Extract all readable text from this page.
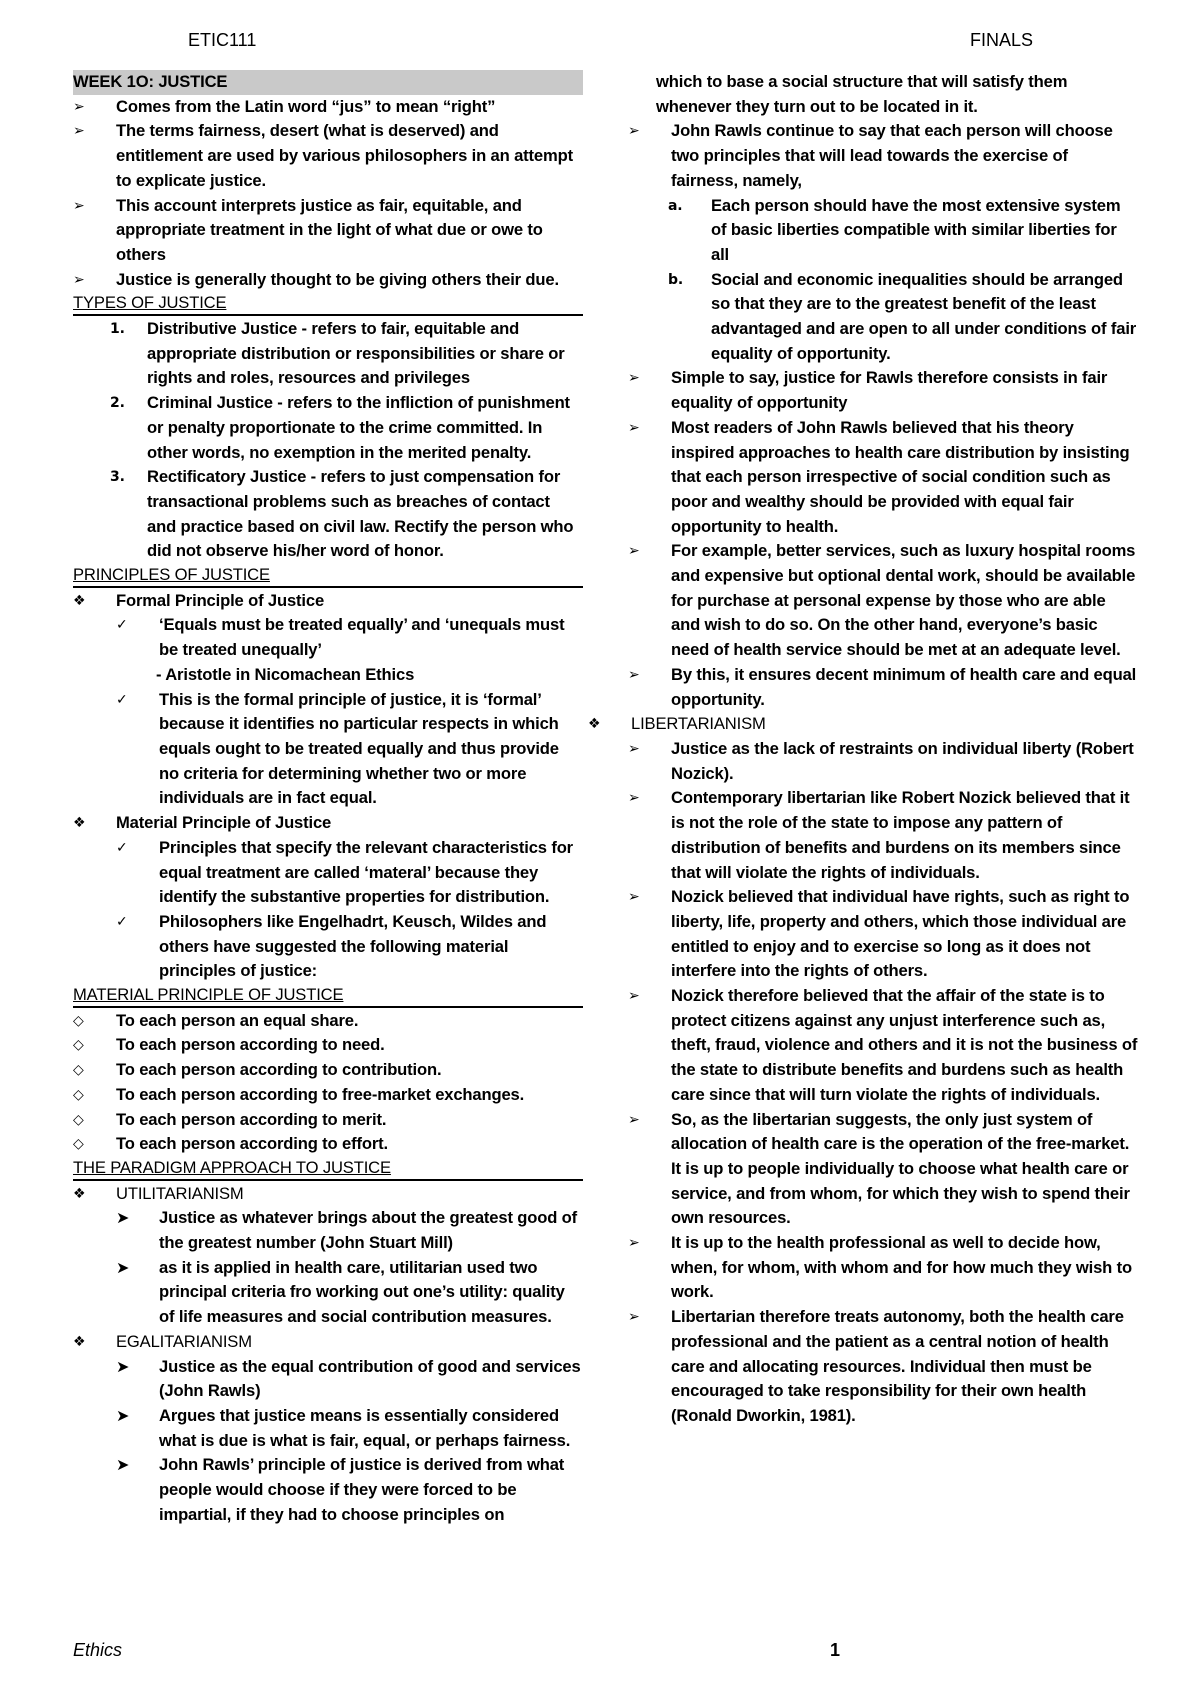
ETIC111	FINALS
WEEK 1O: JUSTICE
➢	Comes from the Latin word “jus” to mean “right”
➢	The terms fairness, desert (what is deserved) and entitlement are used by various philosophers in an attempt to explicate justice.
➢	This account interprets justice as fair, equitable, and appropriate treatment in the light of what due or owe to others
➢	Justice is generally thought to be giving others their due.
TYPES OF JUSTICE
1. Distributive Justice - refers to fair, equitable and appropriate distribution or responsibilities or share or rights and roles, resources and privileges
2. Criminal Justice - refers to the infliction of punishment or penalty proportionate to the crime committed. In other words, no exemption in the merited penalty.
3. Rectificatory Justice - refers to just compensation for transactional problems such as breaches of contact and practice based on civil law. Rectify the person who did not observe his/her word of honor.
PRINCIPLES OF JUSTICE
❖	Formal Principle of Justice
✓ ‘Equals must be treated equally’ and ‘unequals must be treated unequally’
- Aristotle in Nicomachean Ethics
✓ This is the formal principle of justice, it is ‘formal’ because it identifies no particular respects in which equals ought to be treated equally and thus provide no criteria for determining whether two or more individuals are in fact equal.
❖	Material Principle of Justice
✓ Principles that specify the relevant characteristics for equal treatment are called ‘materal’ because they identify the substantive properties for distribution.
✓ Philosophers like Engelhadrt, Keusch, Wildes and others have suggested the following material principles of justice:
MATERIAL PRINCIPLE OF JUSTICE
◇	To each person an equal share.
◇	To each person according to need.
◇	To each person according to contribution.
◇	To each person according to free-market exchanges.
◇	To each person according to merit.
◇	To each person according to effort.
THE PARADIGM APPROACH TO JUSTICE
❖	UTILITARIANISM
➤ Justice as whatever brings about the greatest good of the greatest number (John Stuart Mill)
➤ as it is applied in health care, utilitarian used two principal criteria fro working out one’s utility: quality of life measures and social contribution measures.
❖	EGALITARIANISM
➤ Justice as the equal contribution of good and services (John Rawls)
➤ Argues that justice means is essentially considered what is due is what is fair, equal, or perhaps fairness.
➤ John Rawls’ principle of justice is derived from what people would choose if they were forced to be impartial, if they had to choose principles on
which to base a social structure that will satisfy them whenever they turn out to be located in it.
➢	John Rawls continue to say that each person will choose two principles that will lead towards the exercise of fairness, namely,
a. Each person should have the most extensive system of basic liberties compatible with similar liberties for all
b. Social and economic inequalities should be arranged so that they are to the greatest benefit of the least advantaged and are open to all under conditions of fair equality of opportunity.
➢	Simple to say, justice for Rawls therefore consists in fair equality of opportunity
➢	Most readers of John Rawls believed that his theory inspired approaches to health care distribution by insisting that each person irrespective of social condition such as poor and wealthy should be provided with equal fair opportunity to health.
➢	For example, better services, such as luxury hospital rooms and expensive but optional dental work, should be available for purchase at personal expense by those who are able and wish to do so. On the other hand, everyone’s basic need of health service should be met at an adequate level.
➢	By this, it ensures decent minimum of health care and equal opportunity.
❖	LIBERTARIANISM
➢	Justice as the lack of restraints on individual liberty (Robert Nozick).
➢	Contemporary libertarian like Robert Nozick believed that it is not the role of the state to impose any pattern of distribution of benefits and burdens on its members since that will violate the rights of individuals.
➢	Nozick believed that individual have rights, such as right to liberty, life, property and others, which those individual are entitled to enjoy and to exercise so long as it does not interfere into the rights of others.
➢	Nozick therefore believed that the affair of the state is to protect citizens against any unjust interference such as, theft, fraud, violence and others and it is not the business of the state to distribute benefits and burdens such as health care since that will turn violate the rights of individuals.
➢	So, as the libertarian suggests, the only just system of allocation of health care is the operation of the free-market. It is up to people individually to choose what health care or service, and from whom, for which they wish to spend their own resources.
➢	It is up to the health professional as well to decide how, when, for whom, with whom and for how much they wish to work.
➢	Libertarian therefore treats autonomy, both the health care professional and the patient as a central notion of health care and allocating resources. Individual then must be encouraged to take responsibility for their own health (Ronald Dworkin, 1981).
Ethics	1
